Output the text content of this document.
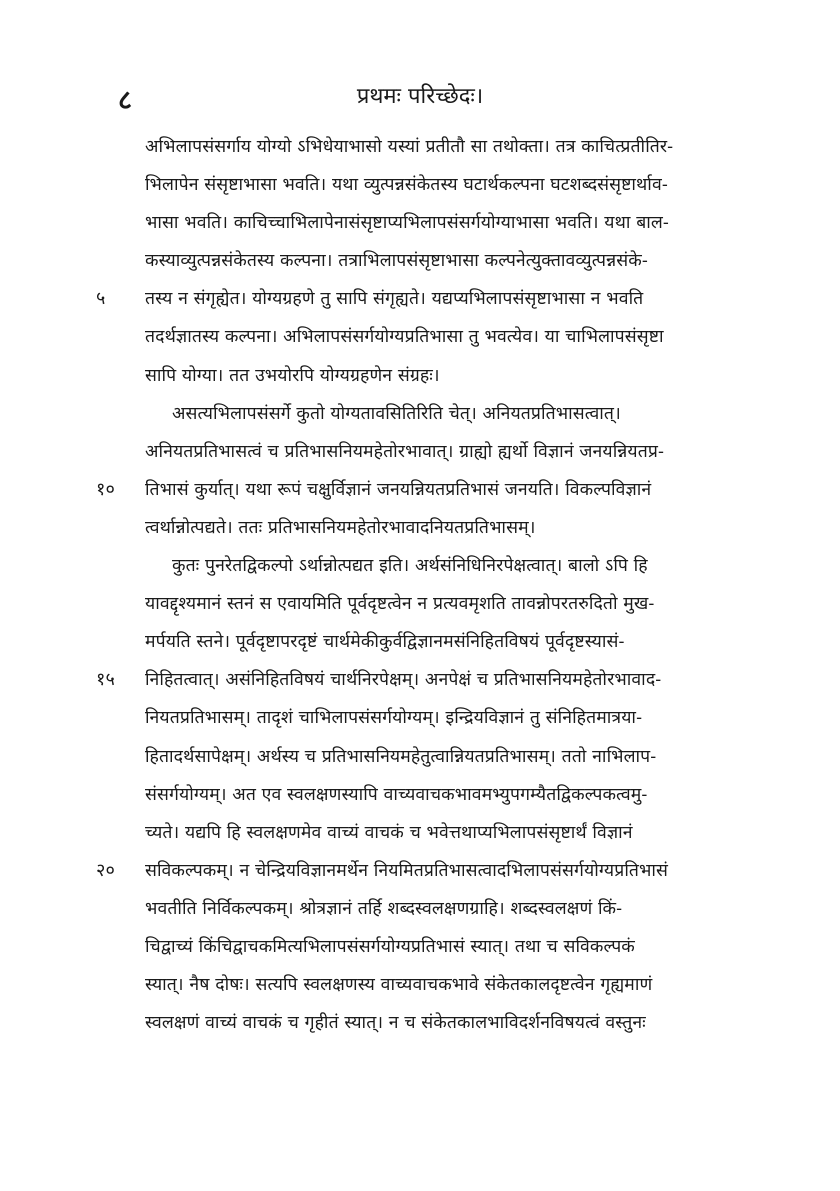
८	प्रथमः परिच्छेदः।
अभिलापसंसर्गाय योग्यो ऽभिधेयाभासो यस्यां प्रतीतौ सा तथोक्ता। तत्र काचित्प्रतीतिर-
भिलापेन संसृष्टाभासा भवति। यथा व्युत्पन्नसंकेतस्य घटार्थकल्पना घटशब्दसंसृष्टार्थाव-
भासा भवति। काचिच्चाभिलापेनासंसृष्टाप्यभिलापसंसर्गयोग्याभासा भवति। यथा बाल-
कस्याव्युत्पन्नसंकेतस्य कल्पना। तत्राभिलापसंसृष्टाभासा कल्पनेत्युक्तावव्युत्पन्नसंके-
५	तस्य न संगृह्येत। योग्यग्रहणे तु सापि संगृह्यते। यद्यप्यभिलापसंसृष्टाभासा न भवति
तदर्थज्ञातस्य कल्पना। अभिलापसंसर्गयोग्यप्रतिभासा तु भवत्येव। या चाभिलापसंसृष्टा
सापि योग्या। तत उभयोरपि योग्यग्रहणेन संग्रहः।
असत्यभिलापसंसर्गे कुतो योग्यतावसितिरिति चेत्। अनियतप्रतिभासत्वात्।
अनियतप्रतिभासत्वं च प्रतिभासनियमहेतोरभावात्। ग्राह्यो ह्यर्थो विज्ञानं जनयन्नियतप्र-
१०	तिभासं कुर्यात्। यथा रूपं चक्षुर्विज्ञानं जनयन्नियतप्रतिभासं जनयति। विकल्पविज्ञानं
त्वर्थान्नोत्पद्यते। ततः प्रतिभासनियमहेतोरभावादनियतप्रतिभासम्।
कुतः पुनरेतद्विकल्पो ऽर्थान्नोत्पद्यत इति। अर्थसंनिधिनिरपेक्षत्वात्। बालो ऽपि हि
यावद्दृश्यमानं स्तनं स एवायमिति पूर्वदृष्टत्वेन न प्रत्यवमृशति तावन्नोपरतरुदितो मुख-
मर्पयति स्तने। पूर्वदृष्टापरदृष्टं चार्थमेकीकुर्वद्विज्ञानमसंनिहितविषयं पूर्वदृष्टस्यासं-
१५	निहितत्वात्। असंनिहितविषयं चार्थनिरपेक्षम्। अनपेक्षं च प्रतिभासनियमहेतोरभावाद-
नियतप्रतिभासम्। तादृशं चाभिलापसंसर्गयोग्यम्। इन्द्रियविज्ञानं तु संनिहितमात्रया-
हितादर्थसापेक्षम्। अर्थस्य च प्रतिभासनियमहेतुत्वान्नियतप्रतिभासम्। ततो नाभिलाप-
संसर्गयोग्यम्। अत एव स्वलक्षणस्यापि वाच्यवाचकभावमभ्युपगम्यैतद्विकल्पकत्वमु-
च्यते। यद्यपि हि स्वलक्षणमेव वाच्यं वाचकं च भवेत्तथाप्यभिलापसंसृष्टार्थं विज्ञानं
२०	सविकल्पकम्। न चेन्द्रियविज्ञानमर्थेन नियमितप्रतिभासत्वादभिलापसंसर्गयोग्यप्रतिभासं
भवतीति निर्विकल्पकम्। श्रोत्रज्ञानं तर्हि शब्दस्वलक्षणग्राहि। शब्दस्वलक्षणं किं-
चिद्वाच्यं किंचिद्वाचकमित्यभिलापसंसर्गयोग्यप्रतिभासं स्यात्। तथा च सविकल्पकं
स्यात्। नैष दोषः। सत्यपि स्वलक्षणस्य वाच्यवाचकभावे संकेतकालदृष्टत्वेन गृह्यमाणं
स्वलक्षणं वाच्यं वाचकं च गृहीतं स्यात्। न च संकेतकालभाविदर्शनविषयत्वं वस्तुनः
